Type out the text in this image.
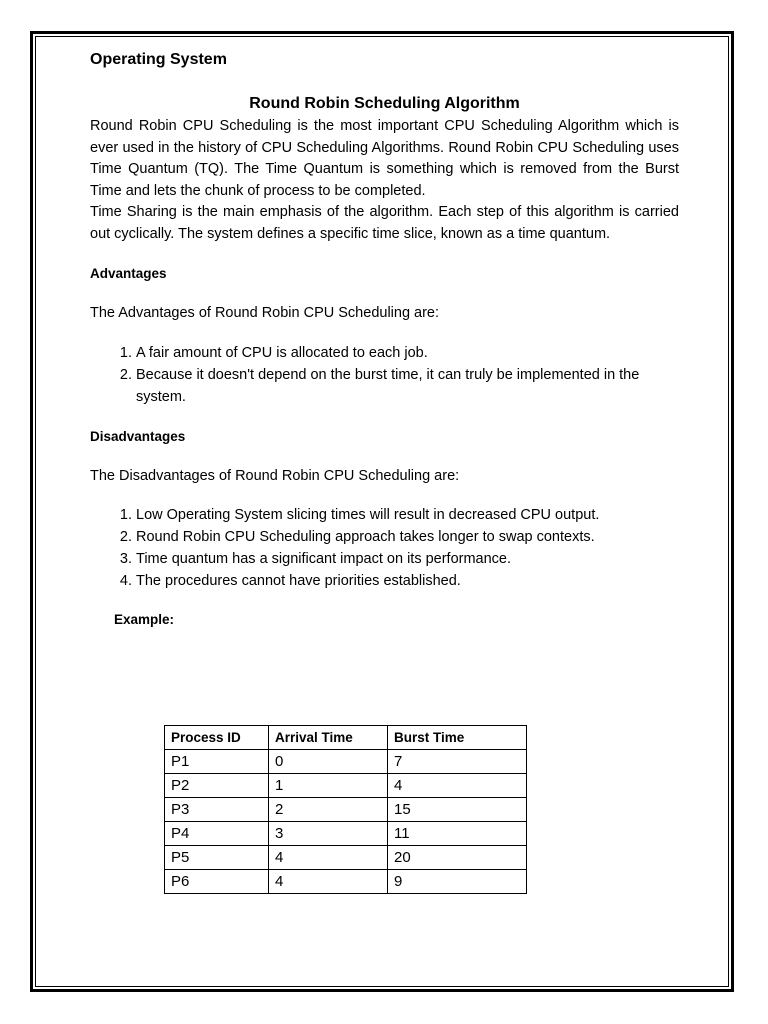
Operating System
Round Robin Scheduling Algorithm

Round Robin CPU Scheduling is the most important CPU Scheduling Algorithm which is ever used in the history of CPU Scheduling Algorithms. Round Robin CPU Scheduling uses Time Quantum (TQ). The Time Quantum is something which is removed from the Burst Time and lets the chunk of process to be completed.

Time Sharing is the main emphasis of the algorithm. Each step of this algorithm is carried out cyclically. The system defines a specific time slice, known as a time quantum.

Advantages
The Advantages of Round Robin CPU Scheduling are:
1. A fair amount of CPU is allocated to each job.
2. Because it doesn't depend on the burst time, it can truly be implemented in the system.
Disadvantages
The Disadvantages of Round Robin CPU Scheduling are:
1. Low Operating System slicing times will result in decreased CPU output.
2. Round Robin CPU Scheduling approach takes longer to swap contexts.
3. Time quantum has a significant impact on its performance.
4. The procedures cannot have priorities established.
Example:
Process ID	Arrival Time	Burst Time
P1	0	7
P2	1	4
P3	2	15
P4	3	11
P5	4	20
P6	4	9
